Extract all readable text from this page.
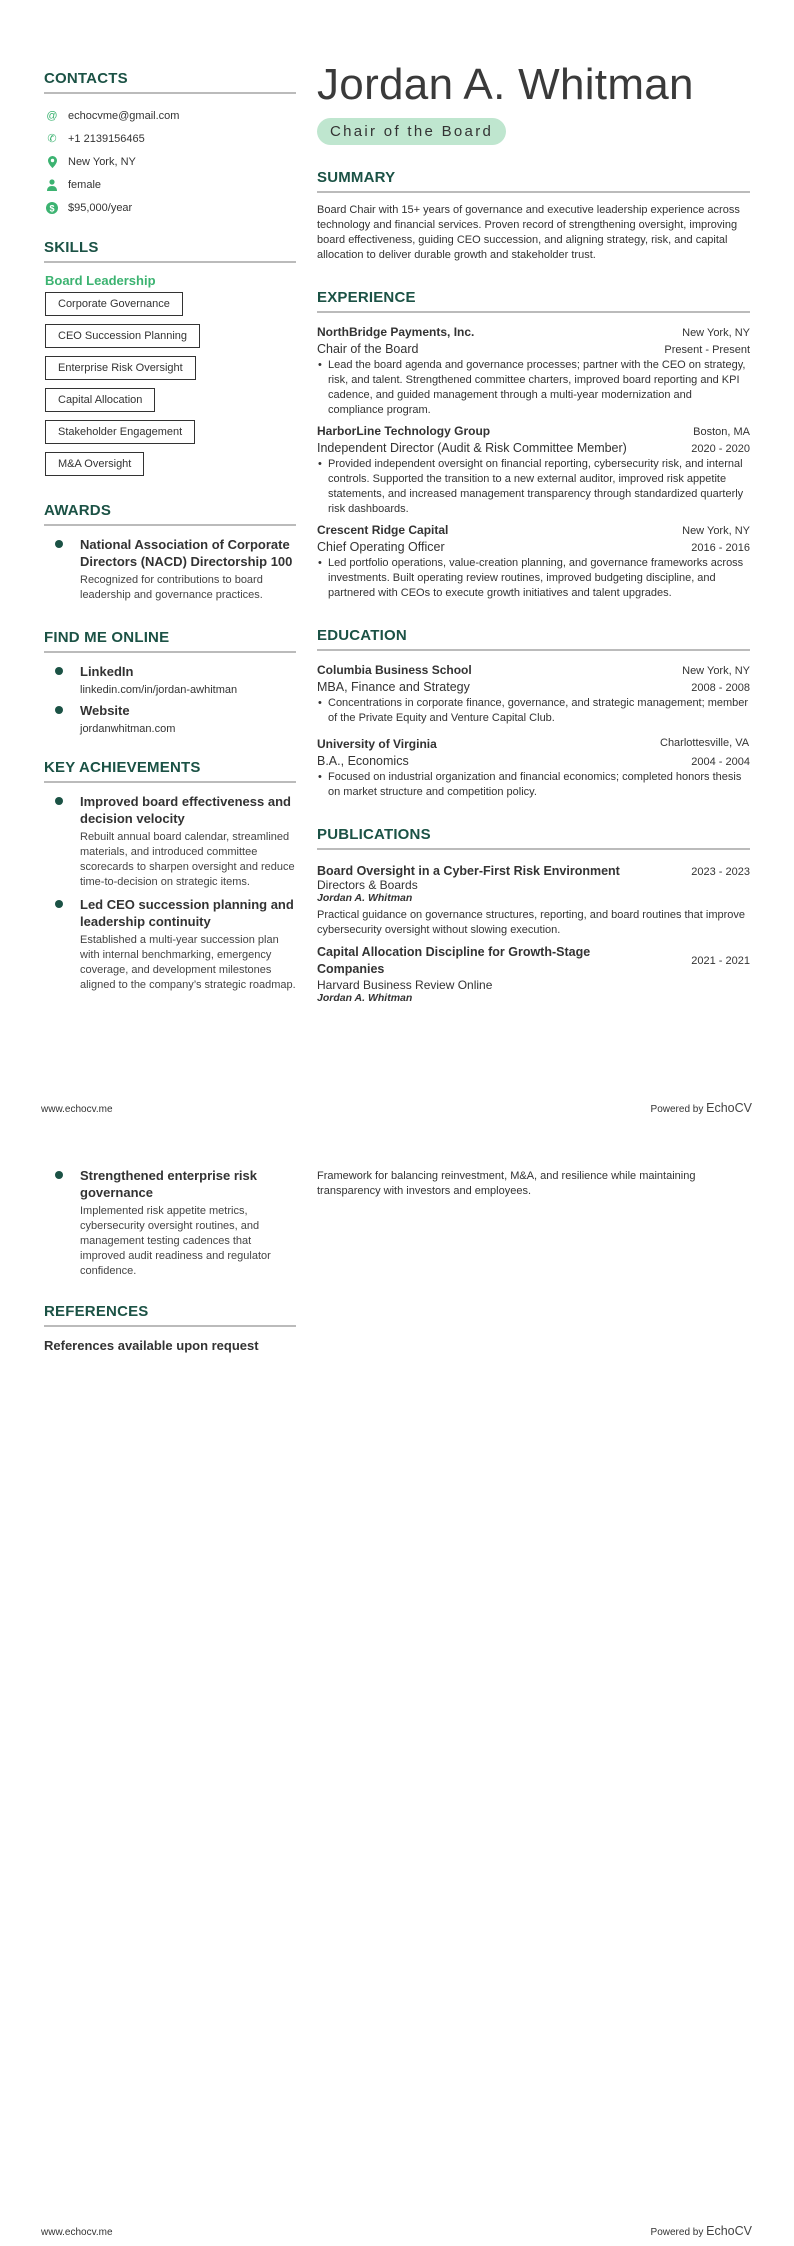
CONTACTS
@ echocvme@gmail.com
✆ +1 2139156465
New York, NY
female
$ $95,000/year
SKILLS
Board Leadership
Corporate Governance
CEO Succession Planning
Enterprise Risk Oversight
Capital Allocation
Stakeholder Engagement
M&A Oversight
AWARDS
National Association of Corporate Directors (NACD) Directorship 100
Recognized for contributions to board leadership and governance practices.
FIND ME ONLINE
LinkedIn
linkedin.com/in/jordan-awhitman
Website
jordanwhitman.com
KEY ACHIEVEMENTS
Improved board effectiveness and decision velocity
Rebuilt annual board calendar, streamlined materials, and introduced committee scorecards to sharpen oversight and reduce time-to-decision on strategic items.
Led CEO succession planning and leadership continuity
Established a multi-year succession plan with internal benchmarking, emergency coverage, and development milestones aligned to the company’s strategic roadmap.
Jordan A. Whitman
Chair of the Board
SUMMARY
Board Chair with 15+ years of governance and executive leadership experience across technology and financial services. Proven record of strengthening oversight, improving board effectiveness, guiding CEO succession, and aligning strategy, risk, and capital allocation to deliver durable growth and stakeholder trust.
EXPERIENCE
NorthBridge Payments, Inc.	New York, NY
Chair of the Board	Present - Present
• Lead the board agenda and governance processes; partner with the CEO on strategy, risk, and talent. Strengthened committee charters, improved board reporting and KPI cadence, and guided management through a multi-year modernization and compliance program.
HarborLine Technology Group	Boston, MA
Independent Director (Audit & Risk Committee Member)	2020 - 2020
• Provided independent oversight on financial reporting, cybersecurity risk, and internal controls. Supported the transition to a new external auditor, improved risk appetite statements, and increased management transparency through standardized quarterly risk dashboards.
Crescent Ridge Capital	New York, NY
Chief Operating Officer	2016 - 2016
• Led portfolio operations, value-creation planning, and governance frameworks across investments. Built operating review routines, improved budgeting discipline, and partnered with CEOs to execute growth initiatives and talent upgrades.
EDUCATION
Columbia Business School	New York, NY
MBA, Finance and Strategy	2008 - 2008
• Concentrations in corporate finance, governance, and strategic management; member of the Private Equity and Venture Capital Club.
University of Virginia	Charlottesville, VA
B.A., Economics	2004 - 2004
• Focused on industrial organization and financial economics; completed honors thesis on market structure and competition policy.
PUBLICATIONS
Board Oversight in a Cyber-First Risk Environment	2023 - 2023
Directors & Boards
Jordan A. Whitman
Practical guidance on governance structures, reporting, and board routines that improve cybersecurity oversight without slowing execution.
Capital Allocation Discipline for Growth-Stage Companies
2021 - 2021
Harvard Business Review Online
Jordan A. Whitman
www.echocv.me	Powered by EchoCV
Strengthened enterprise risk governance
Implemented risk appetite metrics, cybersecurity oversight routines, and management testing cadences that improved audit readiness and regulator confidence.
REFERENCES
References available upon request
Framework for balancing reinvestment, M&A, and resilience while maintaining transparency with investors and employees.
www.echocv.me	Powered by EchoCV
